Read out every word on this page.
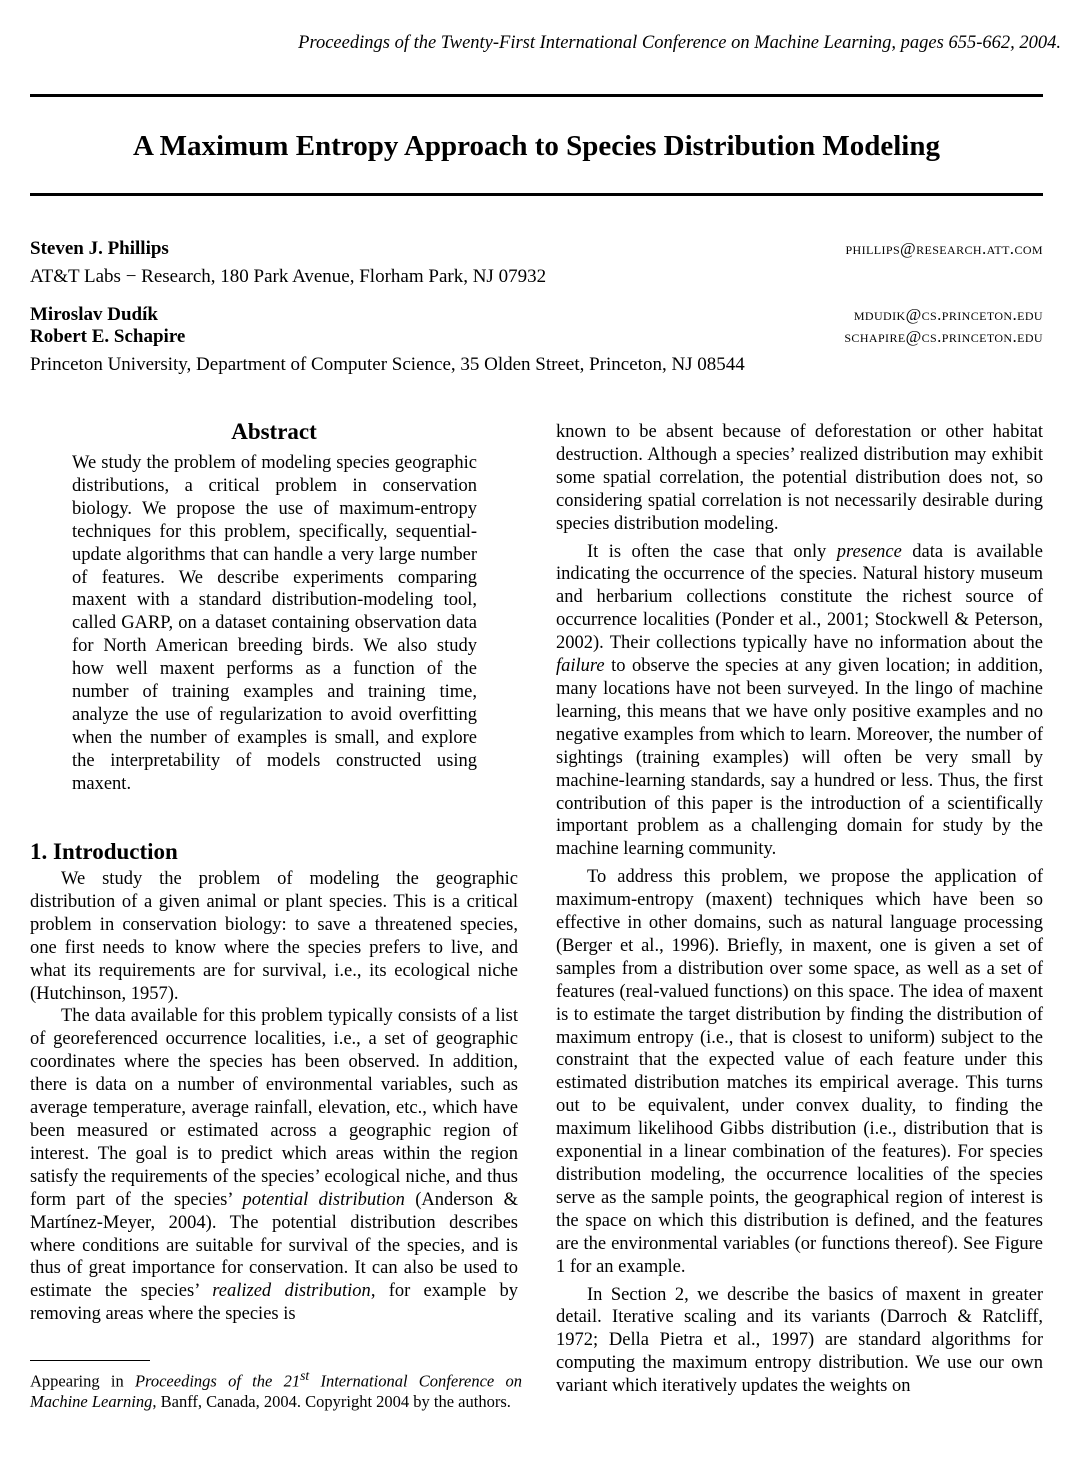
Proceedings of the Twenty-First International Conference on Machine Learning, pages 655-662, 2004.
A Maximum Entropy Approach to Species Distribution Modeling
Steven J. Phillips	phillips@research.att.com
AT&T Labs − Research, 180 Park Avenue, Florham Park, NJ 07932
Miroslav Dudík	mdudik@cs.princeton.edu
Robert E. Schapire	schapire@cs.princeton.edu
Princeton University, Department of Computer Science, 35 Olden Street, Princeton, NJ 08544
Abstract
We study the problem of modeling species geographic distributions, a critical problem in conservation biology. We propose the use of maximum-entropy techniques for this problem, specifically, sequential-update algorithms that can handle a very large number of features. We describe experiments comparing maxent with a standard distribution-modeling tool, called GARP, on a dataset containing observation data for North American breeding birds. We also study how well maxent performs as a function of the number of training examples and training time, analyze the use of regularization to avoid overfitting when the number of examples is small, and explore the interpretability of models constructed using maxent.
1. Introduction

We study the problem of modeling the geographic distribution of a given animal or plant species. This is a critical problem in conservation biology: to save a threatened species, one first needs to know where the species prefers to live, and what its requirements are for survival, i.e., its ecological niche (Hutchinson, 1957).

The data available for this problem typically consists of a list of georeferenced occurrence localities, i.e., a set of geographic coordinates where the species has been observed. In addition, there is data on a number of environmental variables, such as average temperature, average rainfall, elevation, etc., which have been measured or estimated across a geographic region of interest. The goal is to predict which areas within the region satisfy the requirements of the species’ ecological niche, and thus form part of the species’ potential distribution (Anderson & Martínez-Meyer, 2004). The potential distribution describes where conditions are suitable for survival of the species, and is thus of great importance for conservation. It can also be used to estimate the species’ realized distribution, for example by removing areas where the species is

known to be absent because of deforestation or other habitat destruction. Although a species’ realized distribution may exhibit some spatial correlation, the potential distribution does not, so considering spatial correlation is not necessarily desirable during species distribution modeling.

It is often the case that only presence data is available indicating the occurrence of the species. Natural history museum and herbarium collections constitute the richest source of occurrence localities (Ponder et al., 2001; Stockwell & Peterson, 2002). Their collections typically have no information about the failure to observe the species at any given location; in addition, many locations have not been surveyed. In the lingo of machine learning, this means that we have only positive examples and no negative examples from which to learn. Moreover, the number of sightings (training examples) will often be very small by machine-learning standards, say a hundred or less. Thus, the first contribution of this paper is the introduction of a scientifically important problem as a challenging domain for study by the machine learning community.

To address this problem, we propose the application of maximum-entropy (maxent) techniques which have been so effective in other domains, such as natural language processing (Berger et al., 1996). Briefly, in maxent, one is given a set of samples from a distribution over some space, as well as a set of features (real-valued functions) on this space. The idea of maxent is to estimate the target distribution by finding the distribution of maximum entropy (i.e., that is closest to uniform) subject to the constraint that the expected value of each feature under this estimated distribution matches its empirical average. This turns out to be equivalent, under convex duality, to finding the maximum likelihood Gibbs distribution (i.e., distribution that is exponential in a linear combination of the features). For species distribution modeling, the occurrence localities of the species serve as the sample points, the geographical region of interest is the space on which this distribution is defined, and the features are the environmental variables (or functions thereof). See Figure 1 for an example.

In Section 2, we describe the basics of maxent in greater detail. Iterative scaling and its variants (Darroch & Ratcliff, 1972; Della Pietra et al., 1997) are standard algorithms for computing the maximum entropy distribution. We use our own variant which iteratively updates the weights on

Appearing in Proceedings of the 21st International Conference on Machine Learning, Banff, Canada, 2004. Copyright 2004 by the authors.
